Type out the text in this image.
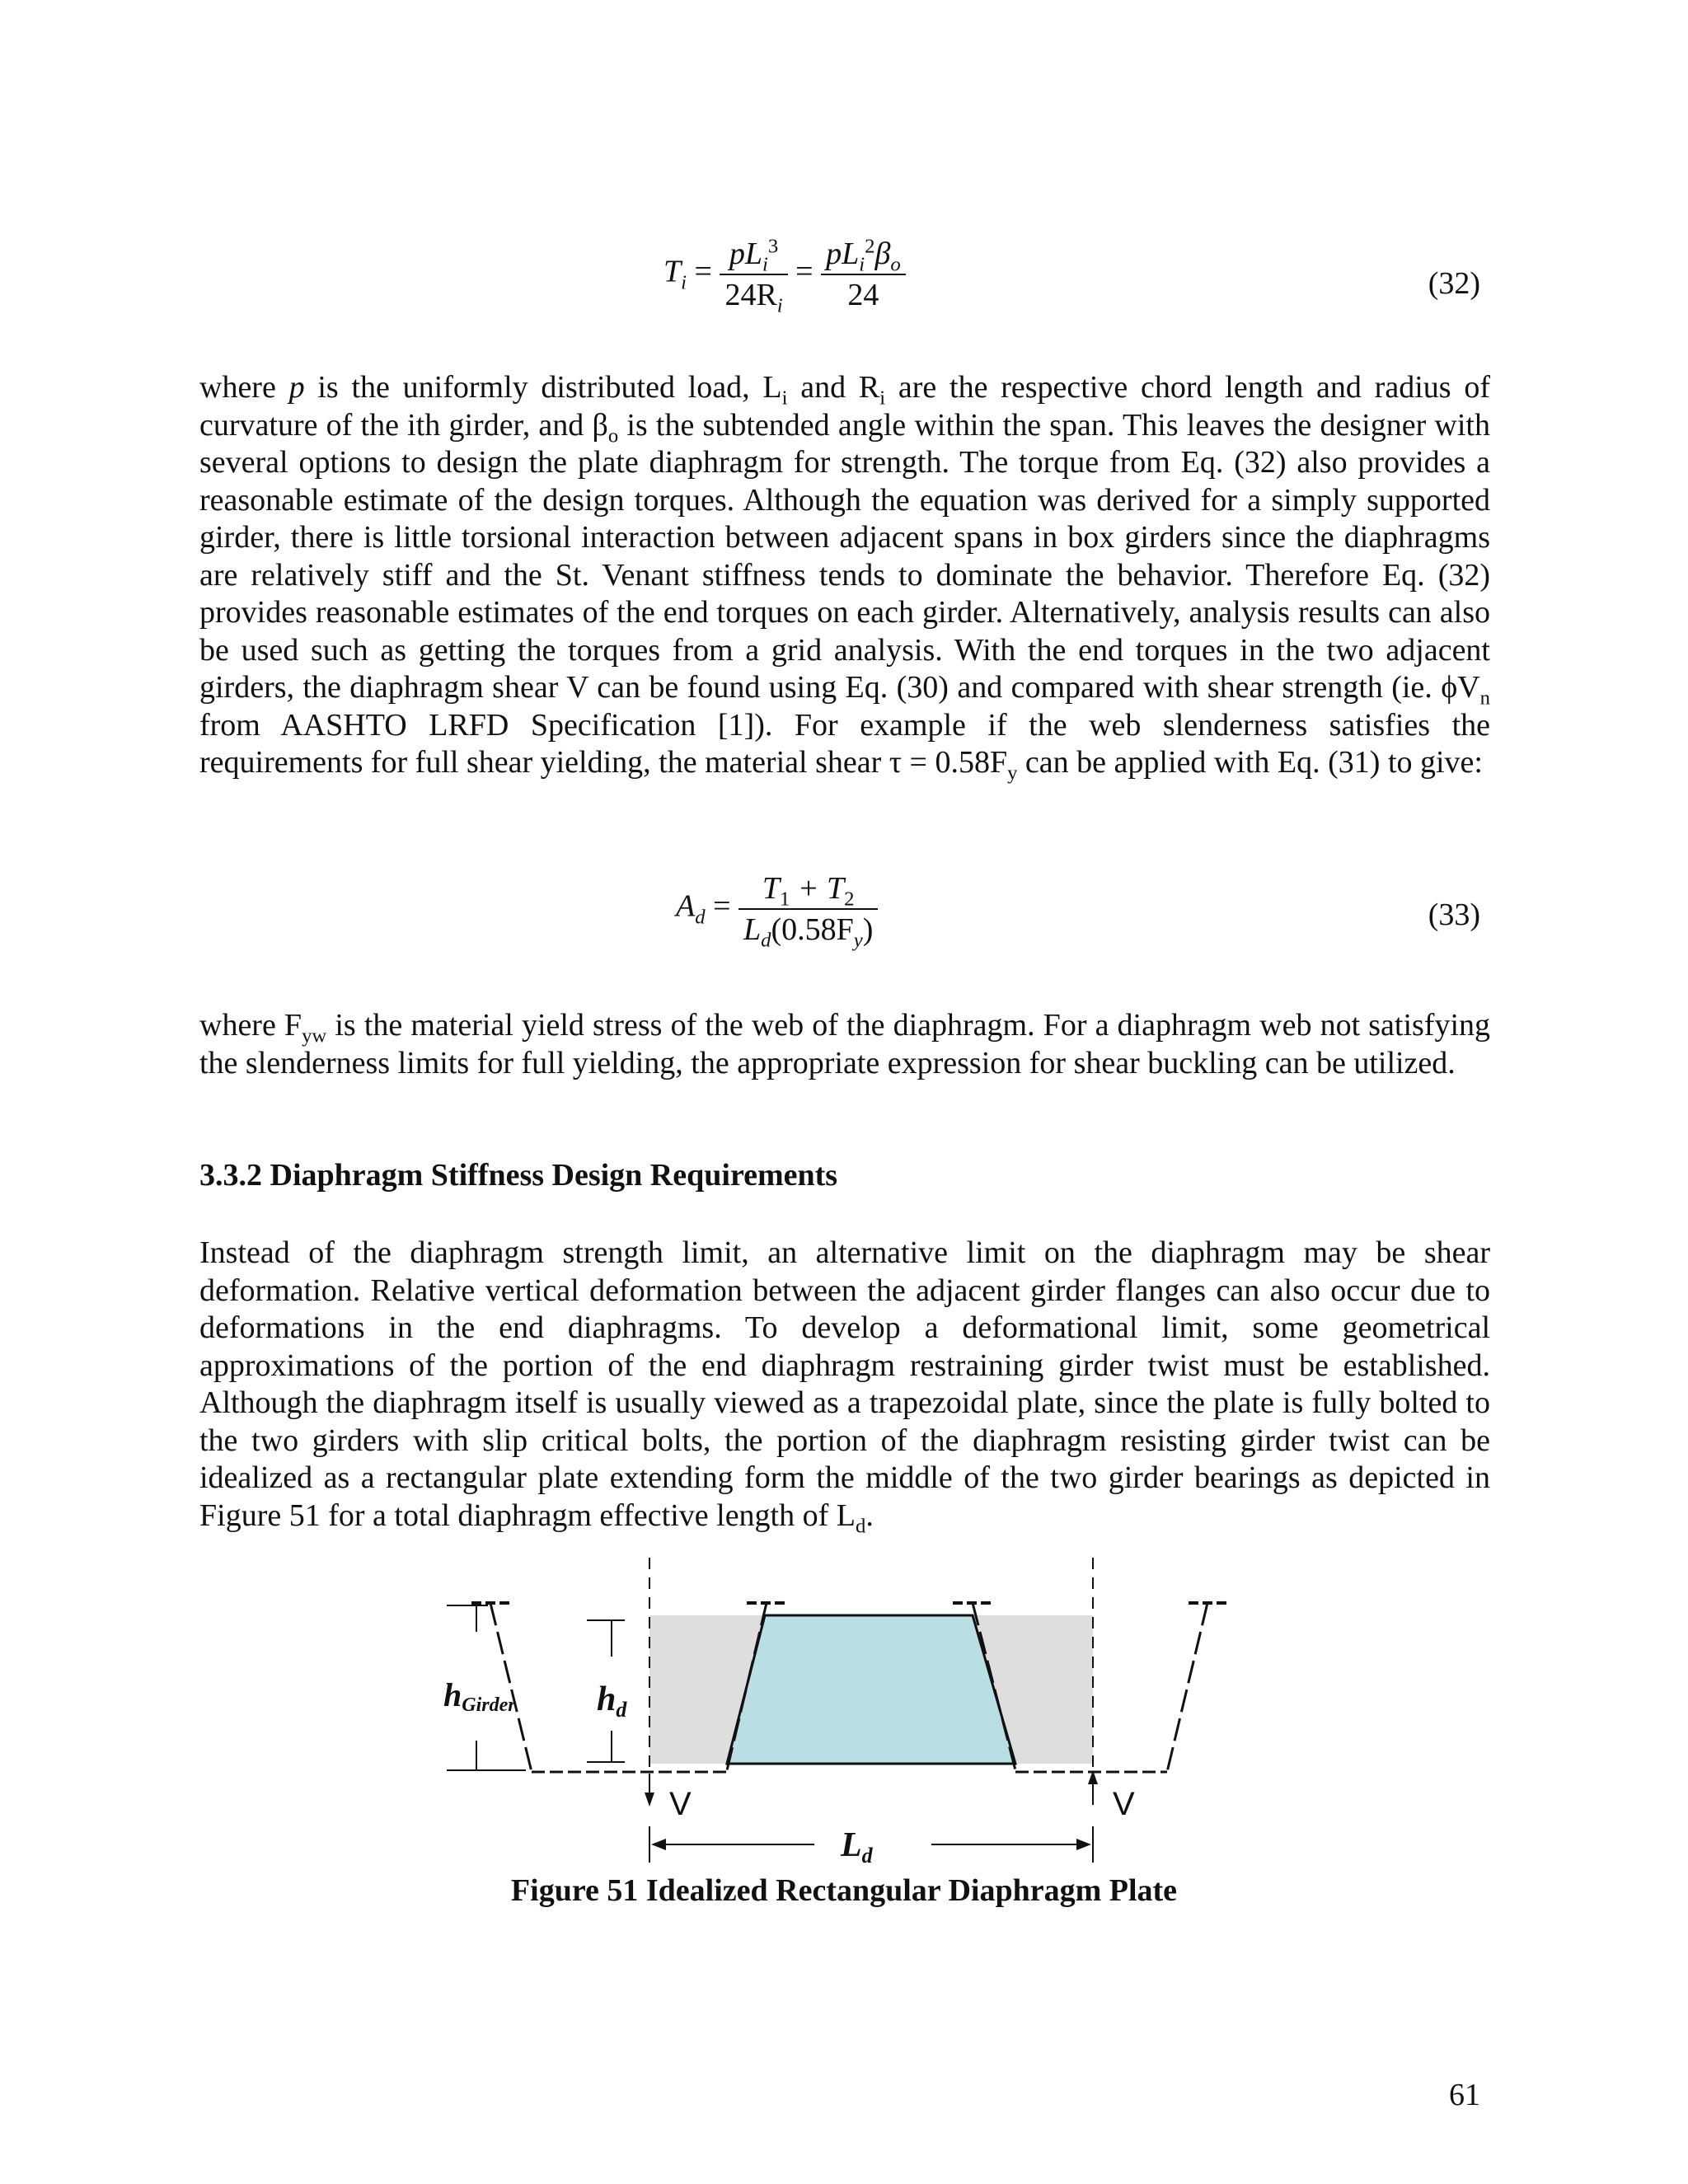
$T_i = \frac{pL_i^3}{24R_i} = \frac{pL_i^2\beta_o}{24}$	(32)

where p is the uniformly distributed load, $L_i$ and $R_i$ are the respective chord length and radius of curvature of the ith girder, and $\beta_o$ is the subtended angle within the span. This leaves the designer with several options to design the plate diaphragm for strength. The torque from Eq. (32) also provides a reasonable estimate of the design torques. Although the equation was derived for a simply supported girder, there is little torsional interaction between adjacent spans in box girders since the diaphragms are relatively stiff and the St. Venant stiffness tends to dominate the behavior. Therefore Eq. (32) provides reasonable estimates of the end torques on each girder. Alternatively, analysis results can also be used such as getting the torques from a grid analysis. With the end torques in the two adjacent girders, the diaphragm shear V can be found using Eq. (30) and compared with shear strength (ie. $\phi V_n$ from AASHTO LRFD Specification [1]). For example if the web slenderness satisfies the requirements for full shear yielding, the material shear $\tau = 0.58F_y$ can be applied with Eq. (31) to give:

$A_d = \frac{T_1 + T_2}{L_d(0.58F_y)}$	(33)

where $F_{yw}$ is the material yield stress of the web of the diaphragm. For a diaphragm web not satisfying the slenderness limits for full yielding, the appropriate expression for shear buckling can be utilized.

3.3.2 Diaphragm Stiffness Design Requirements

Instead of the diaphragm strength limit, an alternative limit on the diaphragm may be shear deformation. Relative vertical deformation between the adjacent girder flanges can also occur due to deformations in the end diaphragms. To develop a deformational limit, some geometrical approximations of the portion of the end diaphragm restraining girder twist must be established. Although the diaphragm itself is usually viewed as a trapezoidal plate, since the plate is fully bolted to the two girders with slip critical bolts, the portion of the diaphragm resisting girder twist can be idealized as a rectangular plate extending form the middle of the two girder bearings as depicted in Figure 51 for a total diaphragm effective length of $L_d$.

hGirder hd
V	V
Ld
Figure 51 Idealized Rectangular Diaphragm Plate
61
